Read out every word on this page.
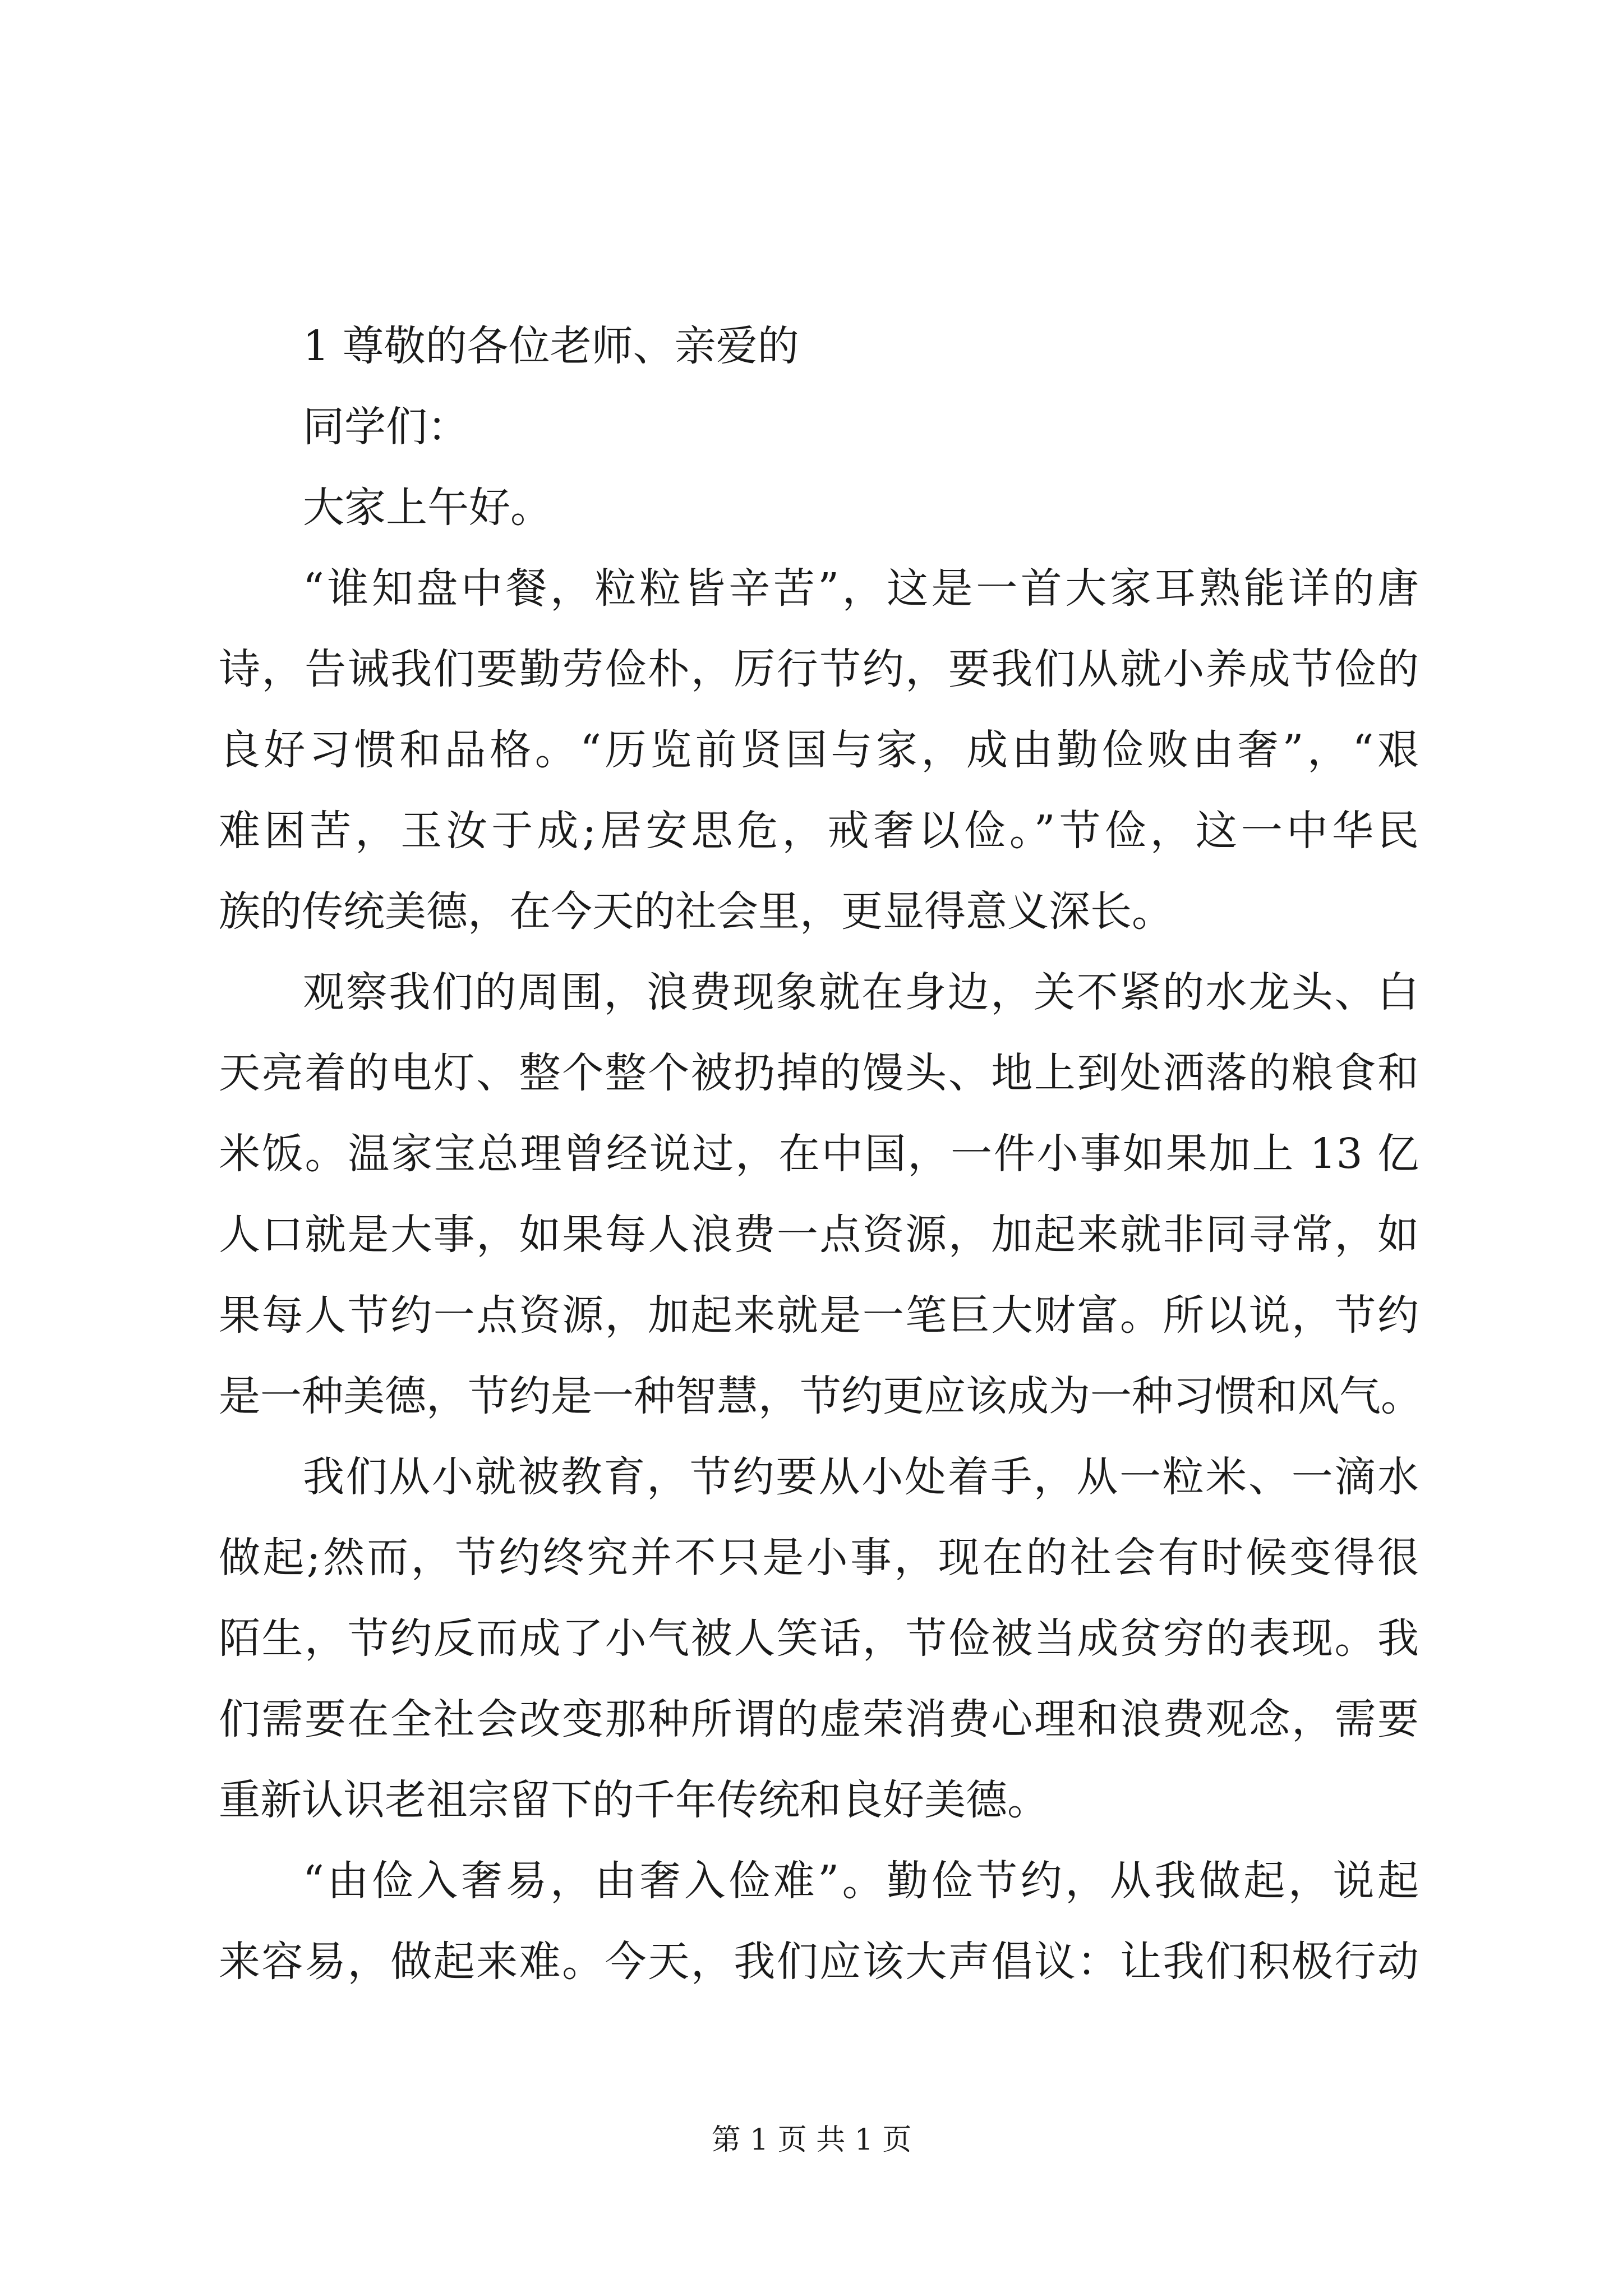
1 尊敬的各位老师、亲爱的
同学们：
大家上午好。
“谁知盘中餐，粒粒皆辛苦”，这是一首大家耳熟能详的唐
诗，告诫我们要勤劳俭朴，厉行节约，要我们从就小养成节俭的
良好习惯和品格。“历览前贤国与家，成由勤俭败由奢”，“艰
难困苦，玉汝于成;居安思危，戒奢以俭。”节俭，这一中华民
族的传统美德，在今天的社会里，更显得意义深长。
观察我们的周围，浪费现象就在身边，关不紧的水龙头、白
天亮着的电灯、整个整个被扔掉的馒头、地上到处洒落的粮食和
米饭。温家宝总理曾经说过，在中国，一件小事如果加上 13 亿
人口就是大事，如果每人浪费一点资源，加起来就非同寻常，如
果每人节约一点资源，加起来就是一笔巨大财富。所以说，节约
是一种美德，节约是一种智慧，节约更应该成为一种习惯和风气。
我们从小就被教育，节约要从小处着手，从一粒米、一滴水
做起;然而，节约终究并不只是小事，现在的社会有时候变得很
陌生，节约反而成了小气被人笑话，节俭被当成贫穷的表现。我
们需要在全社会改变那种所谓的虚荣消费心理和浪费观念，需要
重新认识老祖宗留下的千年传统和良好美德。
“由俭入奢易，由奢入俭难”。勤俭节约，从我做起，说起
来容易，做起来难。今天，我们应该大声倡议：让我们积极行动
第 1 页 共 1 页
